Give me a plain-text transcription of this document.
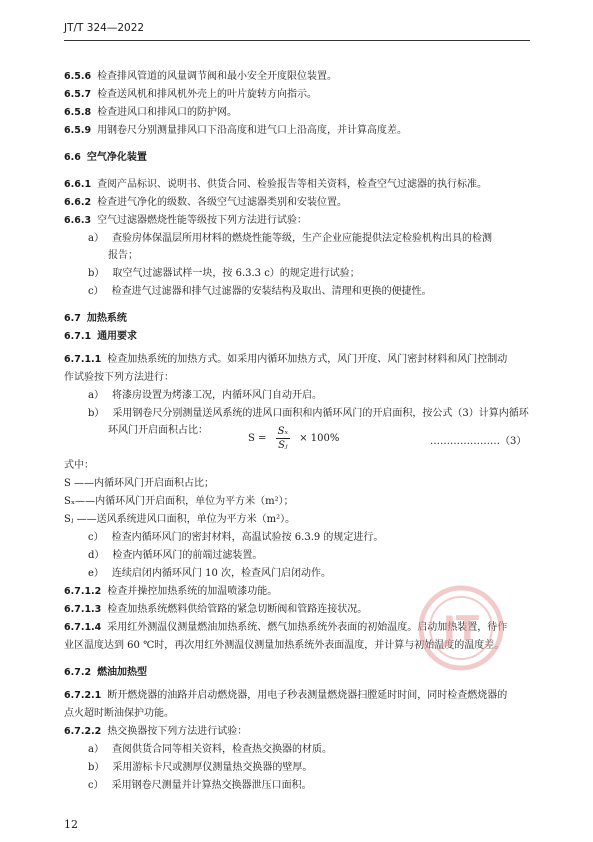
JT/T 324—2022
6.5.6 检查排风管道的风量调节阀和最小安全开度限位装置。
6.5.7 检查送风机和排风机外壳上的叶片旋转方向指示。
6.5.8 检查进风口和排风口的防护网。
6.5.9 用钢卷尺分别测量排风口下沿高度和进气口上沿高度，并计算高度差。
6.6 空气净化装置
6.6.1 查阅产品标识、说明书、供货合同、检验报告等相关资料，检查空气过滤器的执行标准。
6.6.2 检查进气净化的级数、各级空气过滤器类别和安装位置。
6.6.3 空气过滤器燃烧性能等级按下列方法进行试验：
a） 查验房体保温层所用材料的燃烧性能等级，生产企业应能提供法定检验机构出具的检测
报告；
b） 取空气过滤器试样一块，按 6.3.3 c）的规定进行试验；
c） 检查进气过滤器和排气过滤器的安装结构及取出、清理和更换的便捷性。
6.7 加热系统
6.7.1 通用要求
6.7.1.1 检查加热系统的加热方式。如采用内循环加热方式，风门开度、风门密封材料和风门控制动
作试验按下列方法进行：
a） 将漆房设置为烤漆工况，内循环风门自动开启。
b） 采用钢卷尺分别测量送风系统的进风口面积和内循环风门的开启面积，按公式（3）计算内循环
环风门开启面积占比：
式中：
S ——内循环风门开启面积占比；
Sₓ——内循环风门开启面积，单位为平方米（m²）；
Sⱼ ——送风系统进风口面积，单位为平方米（m²）。
c） 检查内循环风门的密封材料，高温试验按 6.3.9 的规定进行。
d） 检查内循环风门的前端过滤装置。
e） 连续启闭内循环风门 10 次，检查风门启闭动作。
6.7.1.2 检查并操控加热系统的加温喷漆功能。
6.7.1.3 检查加热系统燃料供给管路的紧急切断阀和管路连接状况。
6.7.1.4 采用红外测温仪测量燃油加热系统、燃气加热系统外表面的初始温度。启动加热装置，待作
业区温度达到 60 ℃时，再次用红外测温仪测量加热系统外表面温度，并计算与初始温度的温度差。
6.7.2 燃油加热型
6.7.2.1 断开燃烧器的油路并启动燃烧器，用电子秒表测量燃烧器扫膛延时时间，同时检查燃烧器的
点火超时断油保护功能。
6.7.2.2 热交换器按下列方法进行试验：
a） 查阅供货合同等相关资料，检查热交换器的材质。
b） 采用游标卡尺或测厚仪测量热交换器的壁厚。
c） 采用钢卷尺测量并计算热交换器泄压口面积。
$S = \frac{\text{Sₓ}}{\text{Sⱼ}} \times 100\%$	…………………（3）
JT
12
